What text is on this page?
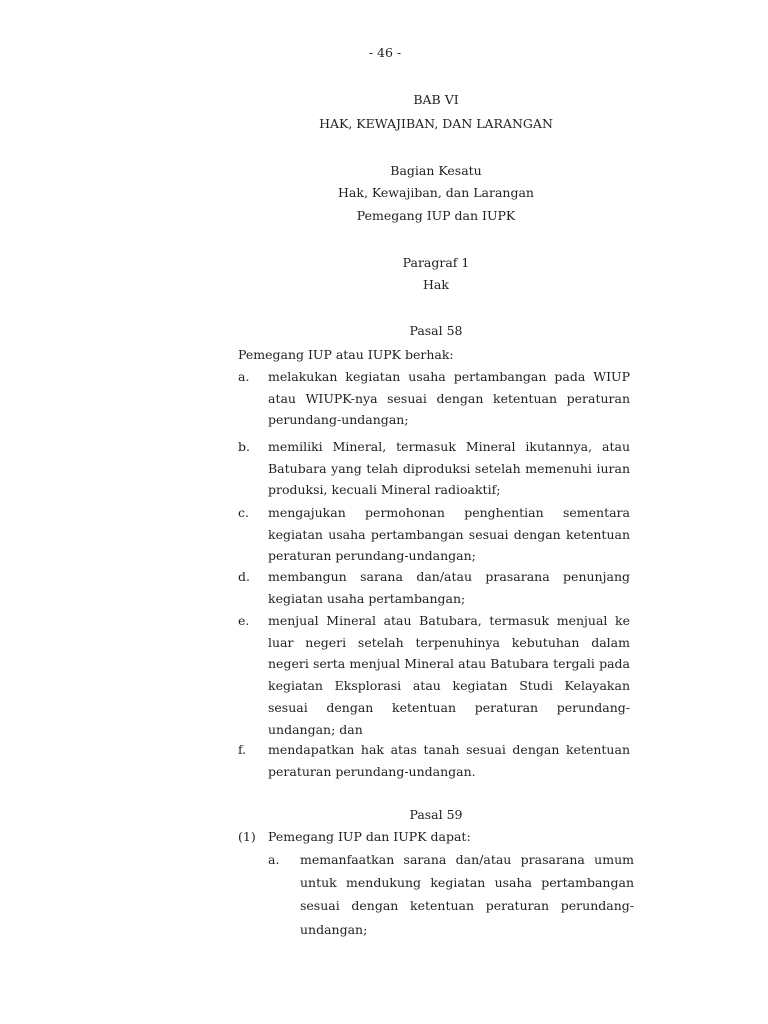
- 46 -
BAB VI
HAK, KEWAJIBAN, DAN LARANGAN
Bagian Kesatu
Hak, Kewajiban, dan Larangan
Pemegang IUP dan IUPK
Paragraf 1
Hak
Pasal 58
Pemegang IUP atau IUPK berhak:
a. melakukan kegiatan usaha pertambangan pada WIUP atau WIUPK-nya sesuai dengan ketentuan peraturan perundang-undangan;
b. memiliki Mineral, termasuk Mineral ikutannya, atau Batubara yang telah diproduksi setelah memenuhi iuran produksi, kecuali Mineral radioaktif;
c. mengajukan permohonan penghentian sementara kegiatan usaha pertambangan sesuai dengan ketentuan peraturan perundang-undangan;
d. membangun sarana dan/atau prasarana penunjang kegiatan usaha pertambangan;
e. menjual Mineral atau Batubara, termasuk menjual ke luar negeri setelah terpenuhinya kebutuhan dalam negeri serta menjual Mineral atau Batubara tergali pada kegiatan Eksplorasi atau kegiatan Studi Kelayakan sesuai dengan ketentuan peraturan perundang-undangan; dan
f. mendapatkan hak atas tanah sesuai dengan ketentuan peraturan perundang-undangan.
Pasal 59
(1) Pemegang IUP dan IUPK dapat:
a. memanfaatkan sarana dan/atau prasarana umum untuk mendukung kegiatan usaha pertambangan sesuai dengan ketentuan peraturan perundang-undangan;
